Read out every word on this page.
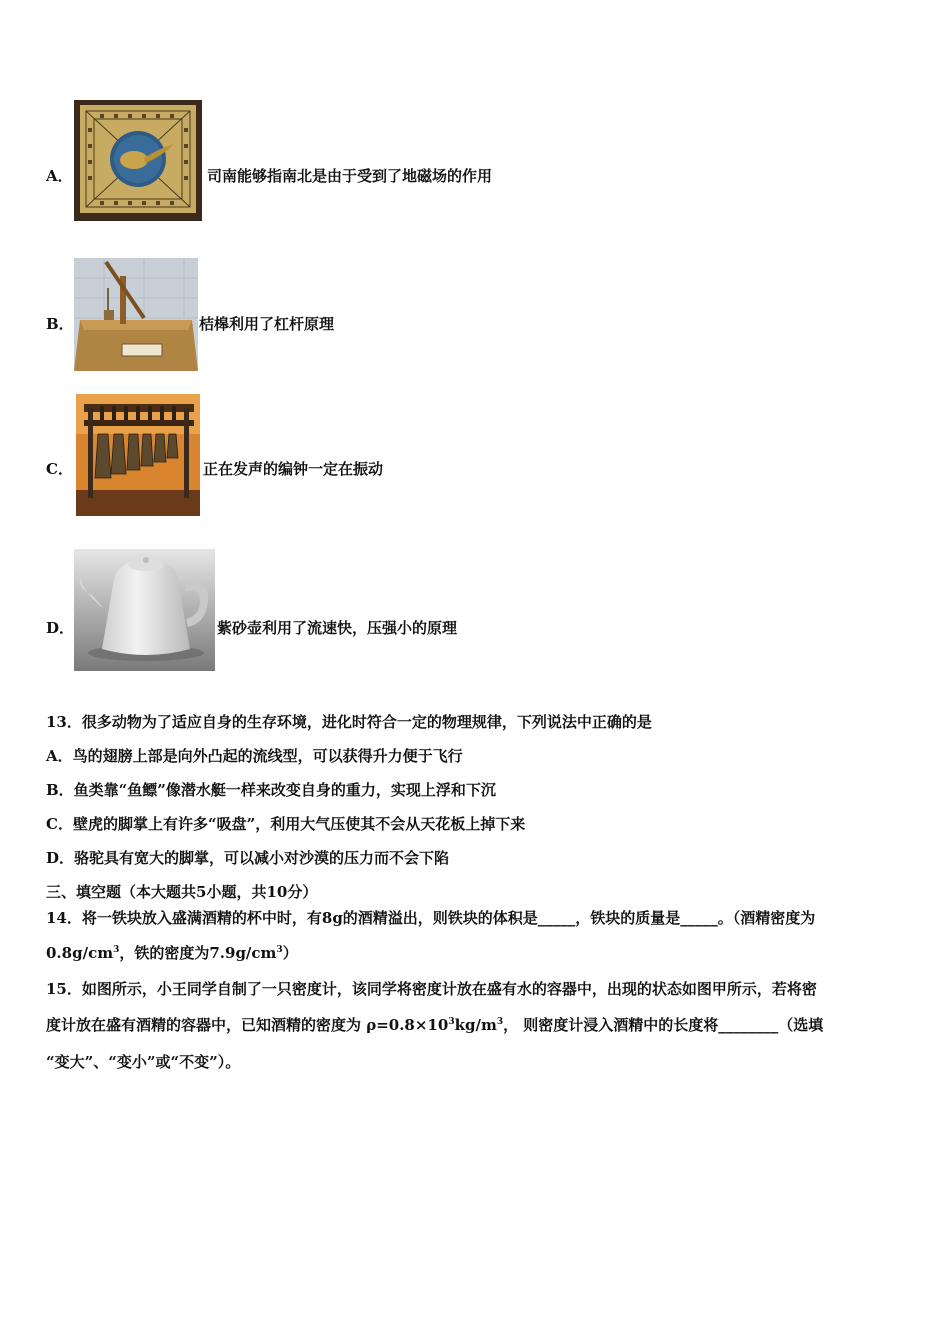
A．	司南能够指南北是由于受到了地磁场的作用
B．	桔槔利用了杠杆原理
C．	正在发声的编钟一定在振动
D．	紫砂壶利用了流速快，压强小的原理
13．很多动物为了适应自身的生存环境，进化时符合一定的物理规律，下列说法中正确的是
A．鸟的翅膀上部是向外凸起的流线型，可以获得升力便于飞行
B．鱼类靠“鱼鳔”像潜水艇一样来改变自身的重力，实现上浮和下沉
C．壁虎的脚掌上有许多“吸盘”，利用大气压使其不会从天花板上掉下来
D．骆驼具有宽大的脚掌，可以减小对沙漠的压力而不会下陷
三、填空题（本大题共5小题，共10分）
14．将一铁块放入盛满酒精的杯中时，有8g的酒精溢出，则铁块的体积是_____，铁块的质量是_____。（酒精密度为
$0.8g/cm^3$，铁的密度为$7.9g/cm^3$）
15．如图所示，小王同学自制了一只密度计，该同学将密度计放在盛有水的容器中，出现的状态如图甲所示，若将密
度计放在盛有酒精的容器中，已知酒精的密度为 $\rho=0.8\times 10^3kg/m^3$， 则密度计浸入酒精中的长度将________（选填
“变大”、“变小”或“不变”）。
